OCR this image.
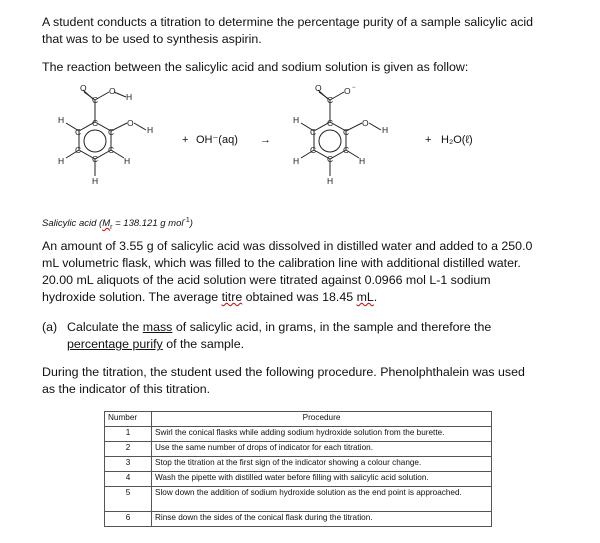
A student conducts a titration to determine the percentage purity of a sample salicylic acid
that was to be used to synthesis aspirin.

The reaction between the salicylic acid and sodium solution is given as follow:

O
C
O
H
C
C
C
C	C
C
O
H
H
H	H
H
O
C
O −
C
C
C
C	C
C
O
H
H
H	H
H
+ OH⁻(aq) →	+ H₂O(ℓ)
Salicylic acid ($M_r = 138.121$ g mol$^{-1}$)

An amount of 3.55 g of salicylic acid was dissolved in distilled water and added to a 250.0
mL volumetric flask, which was filled to the calibration line with additional distilled water.
20.00 mL aliquots of the acid solution were titrated against 0.0966 mol L-1 sodium
hydroxide solution. The average titre obtained was 18.45 mL.

(a) Calculate the mass of salicylic acid, in grams, in the sample and therefore the
percentage purify of the sample.

During the titration, the student used the following procedure. Phenolphthalein was used
as the indicator of this titration.

Number	Procedure
1	Swirl the conical flasks while adding sodium hydroxide solution from the burette.
2	Use the same number of drops of indicator for each titration.
3	Stop the titration at the first sign of the indicator showing a colour change.
4	Wash the pipette with distilled water before filling with salicylic acid solution.
5	Slow down the addition of sodium hydroxide solution as the end point is approached.
6	Rinse down the sides of the conical flask during the titration.
